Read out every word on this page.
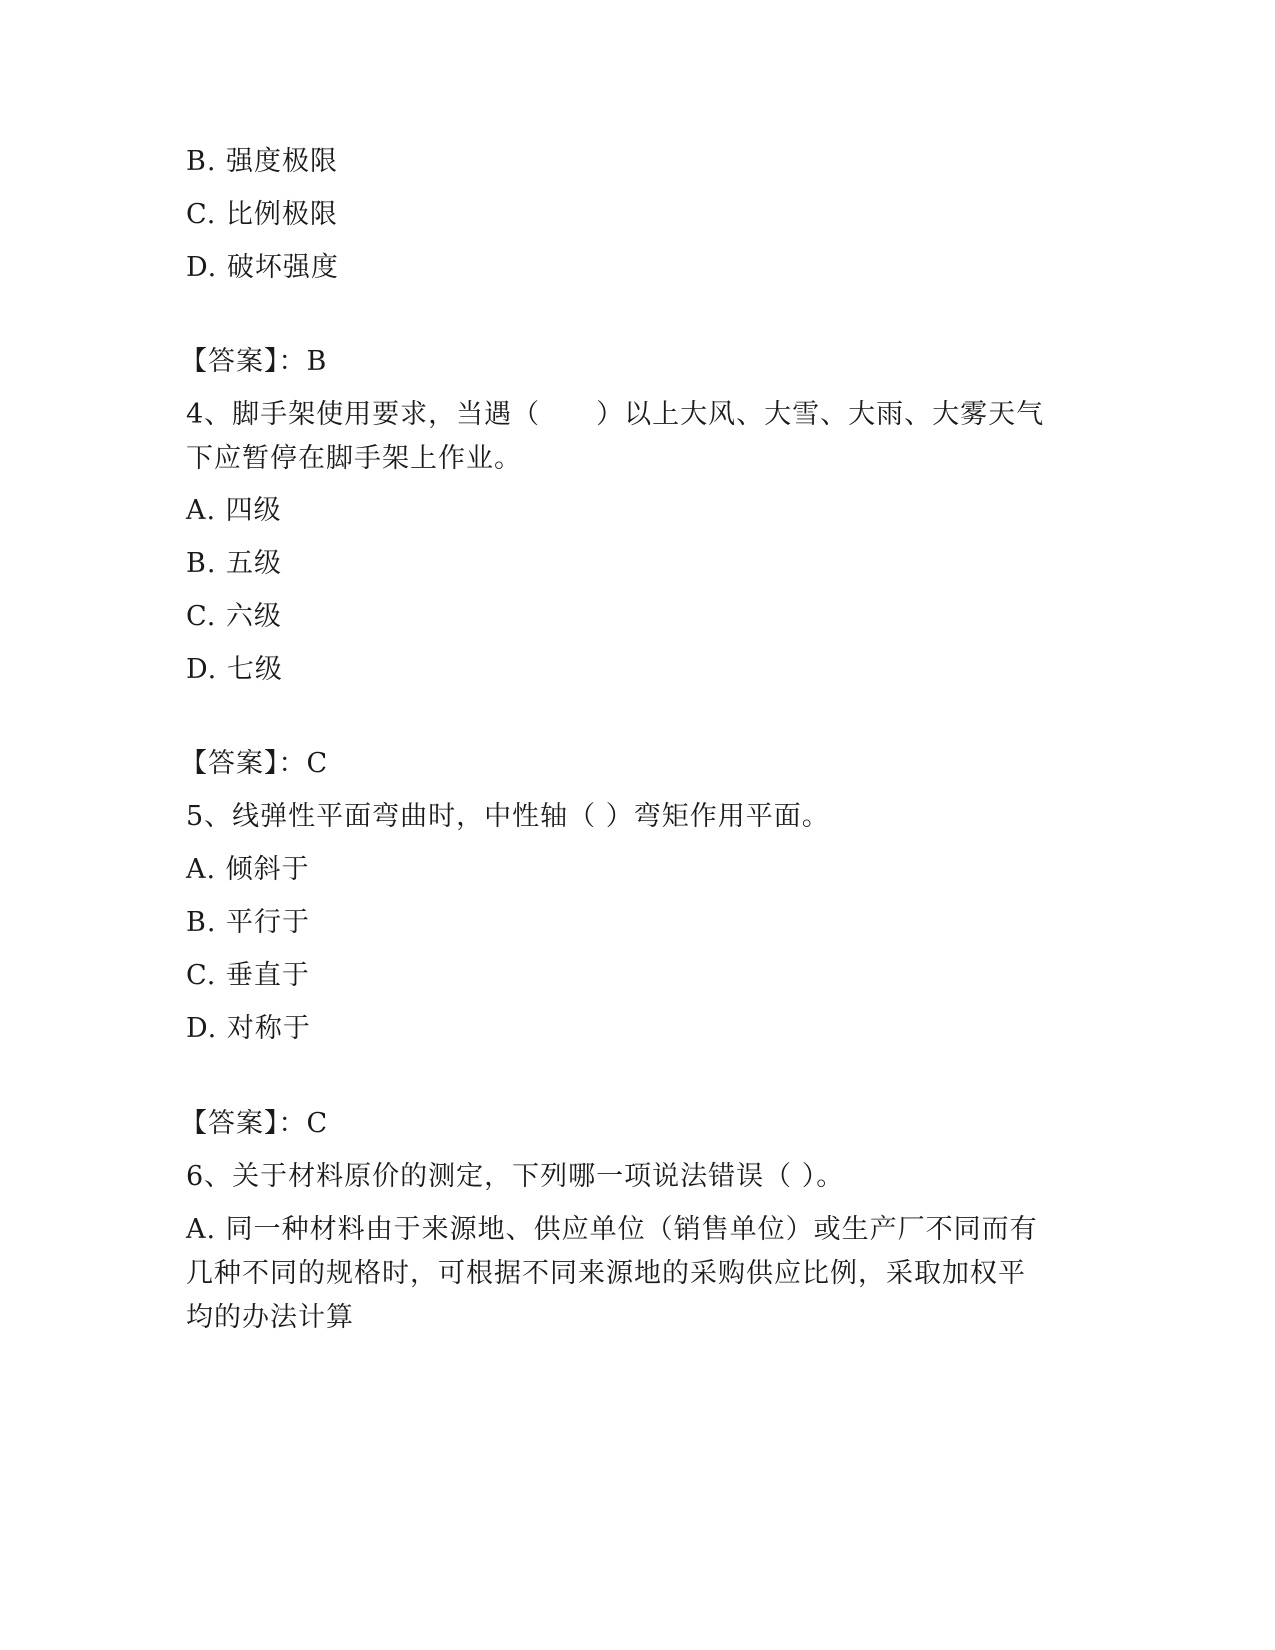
B. 强度极限
C. 比例极限
D. 破坏强度
【答案】：B
4、脚手架使用要求，当遇（　　）以上大风、大雪、大雨、大雾天气
下应暂停在脚手架上作业。
A. 四级
B. 五级
C. 六级
D. 七级
【答案】：C
5、线弹性平面弯曲时，中性轴（ ）弯矩作用平面。
A. 倾斜于
B. 平行于
C. 垂直于
D. 对称于
【答案】：C
6、关于材料原价的测定，下列哪一项说法错误（ ）。
A. 同一种材料由于来源地、供应单位（销售单位）或生产厂不同而有
几种不同的规格时，可根据不同来源地的采购供应比例，采取加权平
均的办法计算
